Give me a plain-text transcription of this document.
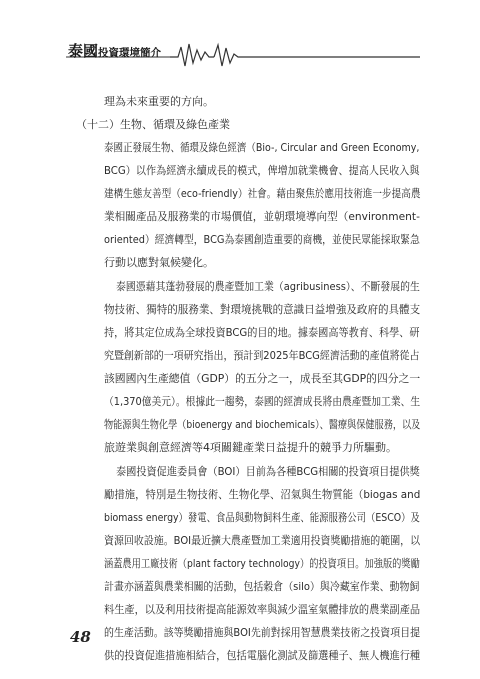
泰國投資環境簡介
理為未來重要的方向。
（十二）生物、循環及綠色產業
泰國正發展生物、循環及綠色經濟（Bio-, Circular and Green Economy,
BCG）以作為經濟永續成長的模式，俾增加就業機會、提高人民收入與
建構生態友善型（eco-friendly）社會。藉由聚焦於應用技術進一步提高農
業相關產品及服務業的市場價值，並朝環境導向型（environment-
oriented）經濟轉型，BCG為泰國創造重要的商機，並使民眾能採取緊急
行動以應對氣候變化。
泰國憑藉其蓬勃發展的農產暨加工業（agribusiness）、不斷發展的生
物技術、獨特的服務業、對環境挑戰的意識日益增強及政府的具體支
持，將其定位成為全球投資BCG的目的地。據泰國高等教育、科學、研
究暨創新部的一項研究指出，預計到2025年BCG經濟活動的產值將從占
該國國內生產總值（GDP）的五分之一，成長至其GDP的四分之一
（1,370億美元）。根據此一趨勢，泰國的經濟成長將由農產暨加工業、生
物能源與生物化學（bioenergy and biochemicals）、醫療與保健服務，以及
旅遊業與創意經濟等4項關鍵產業日益提升的競爭力所驅動。
泰國投資促進委員會（BOI）目前為各種BCG相關的投資項目提供獎
勵措施，特別是生物技術、生物化學、沼氣與生物質能（biogas and
biomass energy）發電、食品與動物飼料生產、能源服務公司（ESCO）及
資源回收設施。BOI最近擴大農產暨加工業適用投資獎勵措施的範圍，以
涵蓋農用工廠技術（plant factory technology）的投資項目。加強版的獎勵
計畫亦涵蓋與農業相關的活動，包括穀倉（silo）與冷藏室作業、動物飼
料生產，以及利用技術提高能源效率與減少溫室氣體排放的農業副產品
的生產活動。該等獎勵措施與BOI先前對採用智慧農業技術之投資項目提
供的投資促進措施相結合，包括電腦化測試及篩選種子、無人機進行種
48
